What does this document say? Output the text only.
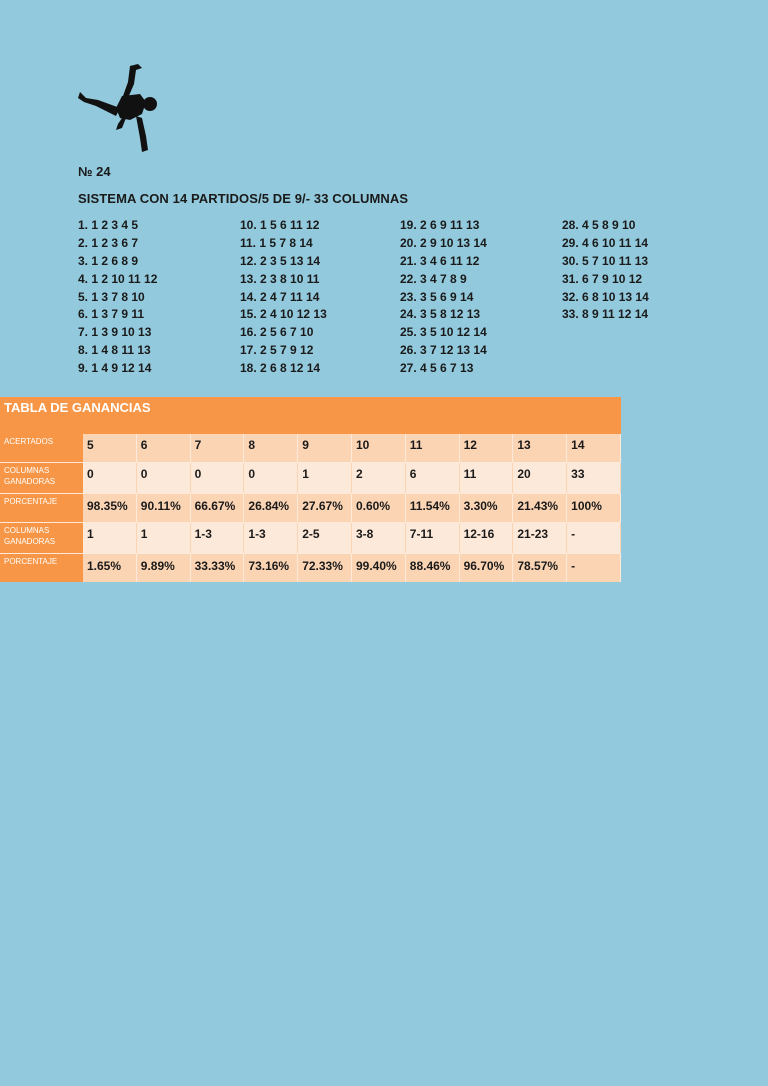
№ 24
SISTEMA CON 14 PARTIDOS/5 DE 9/- 33 COLUMNAS
1. 1 2 3 4 5
2. 1 2 3 6 7
3. 1 2 6 8 9
4. 1 2 10 11 12
5. 1 3 7 8 10
6. 1 3 7 9 11
7. 1 3 9 10 13
8. 1 4 8 11 13
9. 1 4 9 12 14
10. 1 5 6 11 12
11. 1 5 7 8 14
12. 2 3 5 13 14
13. 2 3 8 10 11
14. 2 4 7 11 14
15. 2 4 10 12 13
16. 2 5 6 7 10
17. 2 5 7 9 12
18. 2 6 8 12 14
19. 2 6 9 11 13
20. 2 9 10 13 14
21. 3 4 6 11 12
22. 3 4 7 8 9
23. 3 5 6 9 14
24. 3 5 8 12 13
25. 3 5 10 12 14
26. 3 7 12 13 14
27. 4 5 6 7 13
28. 4 5 8 9 10
29. 4 6 10 11 14
30. 5 7 10 11 13
31. 6 7 9 10 12
32. 6 8 10 13 14
33. 8 9 11 12 14
TABLA DE GANANCIAS
ACERTADOS	5	6	7	8	9	10	11	12	13	14
COLUMNAS GANADORAS
0	0	0	0	1	2	6	11	20	33
PORCENTAJE	98.35%	90.11%	66.67%	26.84%	27.67%	0.60%	11.54%	3.30%	21.43%	100%
COLUMNAS GANADORAS
1	1	1-3	1-3	2-5	3-8	7-11	12-16	21-23	-
PORCENTAJE	1.65%	9.89%	33.33%	73.16%	72.33%	99.40%	88.46%	96.70%	78.57%	-
